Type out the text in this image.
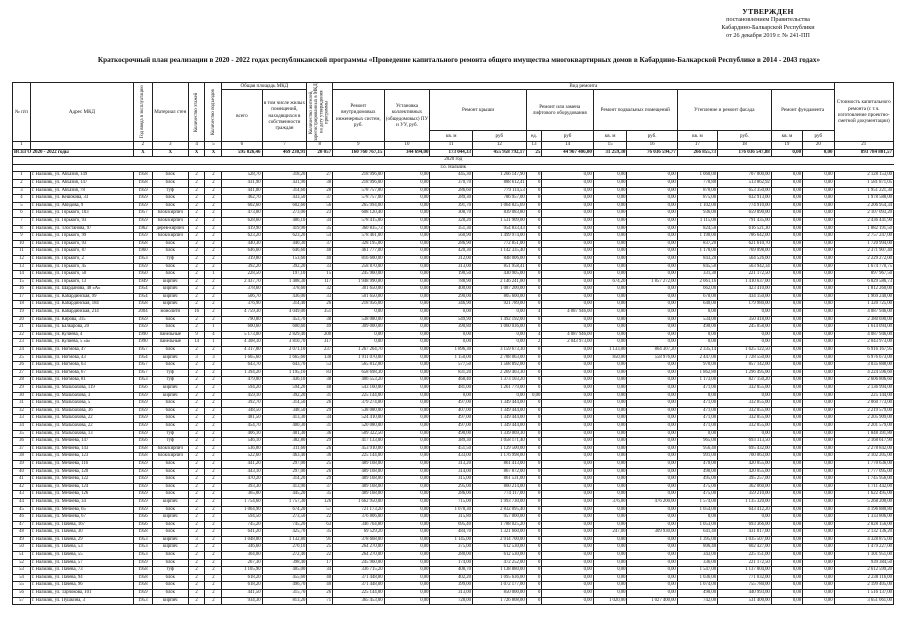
УТВЕРЖДЕН
постановлением Правительства
Кабардино-Балкарской Республики
от 26 декабря 2019 г. № 241-ПП
Краткосрочный план реализации в 2020 - 2022 годах республиканской программы «Проведение капитального ремонта общего имущества многоквартирных домов в Кабардино-Балкарской Республике в 2014 - 2043 годах»
№ п/п	Адрес МКД	Год ввода в эксплуатацию	Материал стен	Количество этажей	Количество подъездов	Общая площадь МКД		Количество жителей, зарегистрированных в МКД на дату утверждения программы	Вид ремонта												Стоимость капитального ремонта (с т.ч. изготовление проектно-сметной документации)
						всего	в том числе жилых помещений, находящихся в собственности граждан		Ремонт внутридомовых инженерных систем, руб.	Установка коллективных (общедомовых) ПУ и УУ, руб.	Ремонт крыши		Ремонт или замена лифтового оборудования		Ремонт подвальных помещений		Утепление и ремонт фасада		Ремонт фундамента		
											кв. м	руб	ед.	руб	кв. м	руб.	кв. м	руб.	кв. м	руб	
1		2	3	4	5	6	7	8	9	10	11	12	13	14	15	16	17	18	19	20	21
ВСЕГО 2020 - 2022 годы		X	X	X	X	595 026,46	469 230,91	20 057	160 760 767,15	344 694,00	173 044,33	455 958 792,17	25	44 967 406,00	31 259,30	76 036 594,77	266 855,73	176 036 547,88	0,00	0,00	893 784 801,57
2020 год																					
г.о. Нальчик																					
1	г. Нальчик, ул. Абхазия, 149	1958	блок	2	2	528,70	318,20	27	218 996,00	0,00	445,30	1 266 147,90	0	0,00	0,00	0,00	1 060,00	707 000,00	0,00	0,00	2 128 153,00
2	г. Нальчик, ул. Абхазия, 147	1958	блок	2	2	431,90	431,90	38	218 996,00	0,00	370,70	888 612,41	0	0,00	0,00	0,00	778,80	513 862,92	0,00	0,00	1 581 871,05
3	г. Нальчик, ул. Абхазия, 78	1959	туф	2	2	441,00	314,60	28	578 757,00	0,00	286,60	779 114,53	0	0,00	0,00	0,00	870,00	653 350,00	0,00	0,00	1 951 221,30
4	г. Нальчик, ул. Кешокова, 33	1959	блок	2	2	462,70	433,50	37	578 757,00	0,00	289,30	786 957,00	0	0,00	0,00	0,00	875,00	632 913,00	0,00	0,00	1 978 588,00
5	г. Нальчик, ул. Абидова, 9	1959	блок	2	2	602,60	602,60	56	265 994,00	0,00	391,70	1 064 825,69	0	0,00	0,00	0,00	1 102,00	774 910,00	0,00	0,00	2 206 954,34
6	г. Нальчик, ул. Горького, 103	1957	блок/кирпич	2	2	473,00	273,00	23	608 120,40	0,00	308,70	839 083,80	0	0,00	0,00	0,00	936,00	659 890,00	0,00	0,00	2 107 093,20
7	г. Нальчик, ул. Горького, 93	1959	блок/кирпич	2	2	628,60	406,10	34	578 415,00	0,00	328,20	1 531 909,00	0	0,00	0,00	0,00	1 115,00	791 435,00	0,00	0,00	2 436 441,90
8	г. Нальчик, ул. Тлостанова, 97	1962	дерев-кирпич	2	2	419,90	419,90	35	360 835,73	0,00	351,30	954 833,43	0	0,00	0,00	0,00	824,50	616 521,30	0,00	0,00	1 882 191,50
9	г. Нальчик, ул. Горького, 99	1959	блок/кирпич	2	2	623,20	623,20	54	578 461,00	0,00	560,90	1 499 974,00	0	0,00	0,00	0,00	1 190,00	786 642,00	0,00	0,00	2 757 247,00
10	г. Нальчик, ул. Горького, 93	1958	блок	2	2	440,30	440,30	37	328 195,00	0,00	286,90	772 851,00	0	0,00	0,00	0,00	837,20	621 610,70	0,00	0,00	1 720 994,00
11	г. Нальчик, ул. Горького, 87	1960	блок	2	2	646,60	646,60	48	461 777,00	0,00	420,30	1 142 335,40	0	0,00	0,00	0,00	1 178,00	769 098,00	0,00	0,00	2 371 907,40
12	г. Нальчик, ул. Горького, 2	1953	туф	2	2	319,80	153,60	40	816 600,00	0,00	312,00	848 006,00	0	0,00	0,00	0,00	843,20	564 526,00	0,00	0,00	2 229 272,00
13	г. Нальчик, ул. Горького, 45	1959	блок	2	2	392,20	392,20	33	258 870,00	0,00	313,00	851 958,41	0	0,00	0,00	0,00	845,50	563 942,34	0,00	0,00	1 674 770,75
14	г. Нальчик, ул. Горького, 50	1950	блок	2	1	228,50	197,10	15	245 960,00	0,00	190,50	430 905,00	0	0,00	0,00	0,00	331,30	221 172,50	0,00	0,00	897 967,50
15	г. Нальчик, ул. Горького, 13	1949	кирпич	2	2	2 437,70	1 408,30	117	1 948 990,00	0,00	788,90	2 146 241,00	0	0,00	674,20	1 857 272,00	2 061,16	1 410 637,00	0,00	0,00	6 829 586,73
16	г. Нальчик, ул. Шарданова, 48 «А»	1954	кирпич	2	2	378,60	378,60	32	301 650,00	0,00	400,00	1 087 200,00	0	0,00	0,00	0,00	662,00	423 410,00	0,00	0,00	1 812 260,00
17	г. Нальчик, ул. Кабардинская, 99	1954	кирпич	2	2	506,70	436,00	33	501 650,00	0,00	290,00	805 600,00	0	0,00	0,00	0,00	670,00	434 150,00	0,00	0,00	1 969 240,00
18	г. Нальчик, ул. Кабардинская, 184	1958	кирпич	2	2	376,90	314,40	26	218 956,00	0,00	346,90	921 789,00	0	0,00	0,00	0,00	640,00	179 980,00	0,00	0,00	1 320 725,00
19	г. Нальчик, ул. Кабардинская, 214	2004	монолитн	16	2	4 759,30	4 049,00	351	0,00	0,00	0,00	0,00	4	4 087 946,00	0,00	0,00	0,00	0,00	0,00	0,00	4 087 946,00
20	г. Нальчик, ул. Кирова, 315	1959	блок	2	2	790,80	453,70	38	538 080,00	0,00	549,90	1 492 192,00	0	0,00	0,00	0,00	534,00	350 418,00	0,00	0,00	2 380 690,00
21	г. Нальчик, ул. Балкарова, 20	1959	блок	2	1	600,60	600,60	49	309 000,00	0,00	390,80	1 060 036,00	0	0,00	0,00	0,00	490,00	245 058,00	0,00	0,00	1 614 094,00
22	г. Нальчик, ул. Кулиева, 4	1990	панельные	9	4	5 173,00	2 829,40	200	0,00	0,00	0,00	0,00	4	4 087 946,00	0,00	0,00	0,00	0,00	0,00	0,00	4 087 946,00
23	г. Нальчик, ул. Кулиева, 5 «а»	1990	панельные	14	1	4 308,10	3 810,70	317	0,00	0,00	0,00	0,00	2	2 043 973,00	0,00	0,00	0,00	0,00	0,00	0,00	2 043 973,00
24	г. Нальчик, ул. Ногмова, 47	1957	блок	2	2	4 317,00	3 071,10	237	1 267 264,70	0,00	1 896,30	3 159 673,30	0	0,00	1 133,00	864 307,20	2 335,14	1 625 122,50	0,00	0,00	6 916 167,95
25	г. Нальчик, ул. Ногмова, 43	1954	кирпич	3	3	1 665,60	1 665,60	138	1 911 070,00	0,00	1 150,00	2 788 063,00	0	0,00	850,00	558 976,00	2 447,00	1 728 550,00	0,00	0,00	6 976 673,00
26	г. Нальчик, ул. Ногмова, 63	1957	блок	2	2	643,70	643,70	53	565 812,00	0,00	577,50	1 568 892,00	0	0,00	0,00	0,00	970,00	857 142,00	0,00	0,00	3 035 888,00
27	г. Нальчик, ул. Ногмова, 67	1957	туф	2	2	1 394,20	1 195,10	83	658 698,30	0,00	831,20	2 269 403,30	0	0,00	0,00	0,00	1 862,80	1 296 495,00	0,00	0,00	4 224 596,60
28	г. Нальчик, ул. Ногмова, 81	1953	туф	2	2	479,00	436,10	38	406 553,20	0,00	468,40	1 373 103,20	0	0,00	0,00	0,00	1 173,00	827 150,20	0,00	0,00	2 606 806,60
29	г. Нальчик, ул. Мальбахова, 119	1956	кирпич	2	2	594,20	594,20	48	543 160,00	0,00	481,00	1 261 779,00	0	0,00	0,00	0,00	471,00	332 055,00	0,00	0,00	2 136 994,00
30	г. Нальчик, ул. Мальбахова, 3	1959	кирпич	2	2	459,10	392,20	31	225 144,00	0,00	0,00	0,00	0,00	0,00	0,00	0,00	0,00	0,00	0,00	0,00	225 144,00
31	г. Нальчик, ул. Мальбахова, 5	1959	блок	2	2	392,70	314,50	26	379 274,00	0,00	497,00	1 349 444,00	0	0,00	0,00	0,00	471,00	332 055,00	0,00	0,00	2 060 773,00
32	г. Нальчик, ул. Мальбахова, 36	1959	блок	2	2	348,50	348,50	29	538 080,00	0,00	407,00	1 349 444,00	0	0,00	0,00	0,00	471,00	332 055,00	0,00	0,00	2 219 579,00
33	г. Нальчик, ул. Мальбахова, 22	1959	блок	2	2	481,50	413,30	34	524 410,00	0,00	497,00	1 349 444,00	0	0,00	0,00	0,00	471,00	332 055,00	0,00	0,00	2 205 909,00
34	г. Нальчик, ул. Мальбахова, 22	1959	блок	2	2	454,70	400,30	31	520 080,00	0,00	497,00	1 349 444,00	0	0,00	0,00	0,00	471,00	332 055,00	0,00	0,00	2 201 579,00
35	г. Нальчик, ул. Мальбахова, 13	1959	туф	2	2	406,10	401,30	36	509 322,50	0,00	490,00	1 339 069,30	0	0,00	0,00	0,00	0,00	0,00	0,00	0,00	1 848 391,80
36	г. Нальчик, ул. Мечиева, 147	1956	туф	2	2	546,10	382,80	29	417 133,00	0,00	389,30	1 058 171,40	0	0,00	0,00	0,00	965,00	693 313,50	0,00	0,00	2 168 617,90
37	г. Нальчик, ул. Мечиева, 143	1958	блок/кирпич	2	2	536,00	311,60	26	453 910,00	0,00	451,50	1 129 500,00	0	0,00	0,00	0,00	956,40	695 432,00	0,00	0,00	2 278 842,00
38	г. Нальчик, ул. Мечиева, 123	1958	блок/кирпич	2	2	522,60	463,40	36	225 144,00	0,00	433,00	1 176 998,00	0	0,00	0,00	0,00	991,00	700 063,00	0,00	0,00	2 102 205,00
39	г. Нальчик, ул. Мечиева, 116	1959	блок	2	2	441,20	297,00	25	489 168,00	0,00	313,20	861 413,00	0	0,00	0,00	0,00	470,00	420 055,00	0,00	0,00	1 770 636,00
40	г. Нальчик, ул. Мечиева, 120	1959	блок	2	2	443,10	297,00	26	489 168,00	0,00	314,00	867 872,00	0	0,00	0,00	0,00	490,00	420 055,00	0,00	0,00	1 777 095,00
41	г. Нальчик, ул. Мечиева, 122	1959	блок	2	2	470,20	314,20	29	489 168,00	0,00	315,00	861 531,00	0	0,00	0,00	0,00	495,00	395 257,00	0,00	0,00	1 745 956,00
42	г. Нальчик, ул. Мечиева, 124	1959	блок	2	2	393,30	413,90	37	489 168,00	0,00	295,00	860 214,00	0	0,00	0,00	0,00	475,00	362 060,00	0,00	0,00	1 711 442,00
43	г. Нальчик, ул. Мечиева, 126	1959	блок	2	2	365,00	445,20	35	489 168,00	0,00	286,00	774 117,00	0	0,00	0,00	0,00	475,00	359 210,00	0,00	0,00	1 622 495,00
44	г. Нальчик, ул. Мечиева, 34	1959	кирпич	2	2	1 754,60	1 757,30	126	1 662 950,00	0,00	715,00	1 993 730,00	0	0,00	376,00	476 200,00	1 574,00	1 135 320,00	0,00	0,00	5 268 200,00
45	г. Нальчик, ул. Мечиева, 65	1959	блок	2	2	1 064,90	674,20	57	721 173,20	0,00	1 078,30	2 832 095,40	0	0,00	0,00	0,00	1 054,00	643 412,20	0,00	0,00	4 196 880,80
46	г. Нальчик, ул. Мечиева, 67	1956	кирпич	2	2	594,50	273,50	22	376 806,00	0,00	315,80	957 000,00	0	0,00	0,00	0,00	0,00	0,00	0,00	0,00	1 333 806,00
47	г. Нальчик, ул. Пачева, 167	1956	блок	2	2	745,20	745,20	63	346 764,80	0,00	695,40	1 788 025,20	0	0,00	0,00	0,00	1 053,00	693 366,00	0,00	0,00	2 828 156,00
48	г. Нальчик, ул. Пачева, 30	1958	блок	2	2	641,20	425,70	35	69 529,20	0,00	484,70	1 321 660,00	0	0,00	247,00	309 930,00	641,40	431 017,00	0,00	0,00	2 132 136,20
49	г. Нальчик, ул. Пачева, 29	1953	кирпич	3	2	1 048,00	1 132,80	91	378 668,00	0,00	1 145,00	2 914 700,00	0	0,00	0,00	0,00	1 395,00	1 035 507,00	0,00	0,00	4 328 875,00
50	г. Нальчик, ул. Пачева, 53	1953	кирпич	2	2	346,60	270,10	25	264 270,00	0,00	375,00	612 530,00	0	0,00	0,00	0,00	806,40	602 427,00	0,00	0,00	1 479 227,00
51	г. Нальчик, ул. Пачева, 55	1953	блок	2	2	304,00	272,40	22	264 270,00	0,00	280,00	612 530,00	0	0,00	0,00	0,00	343,00	225 151,00	0,00	0,00	1 101 951,00
52	г. Нальчик, ул. Пачева, 57	1959	блок	2	2	267,30	398,40	17	245 960,00	0,00	174,00	472 252,00	0	0,00	0,00	0,00	336,00	221 172,50	0,00	0,00	939 384,50
53	г. Нальчик, ул. Пачева, 73	1958	туф	2	2	1 105,90	405,00	34	336 715,20	0,00	408,70	1 138 880,00	0	0,00	0,00	0,00	1 547,00	1 137 004,00	0,00	0,00	2 612 599,20
54	г. Нальчик, ул. Пачева, 94	1958	блок	2	2	618,20	455,60	40	371 448,00	0,00	402,20	1 095 636,00	0	0,00	0,00	0,00	1 036,00	771 032,00	0,00	0,00	2 238 116,00
55	г. Нальчик, ул. Пачева, 96	1958	блок	2	2	618,20	496,70	40	371 448,00	0,00	399,00	1 072 177,00	0	0,00	0,00	0,00	1 074,00	755 780,00	0,00	0,00	2 199 405,00
56	г. Нальчик, ул. Тарчокова, 101	1959	блок	2	2	441,50	315,70	26	225 144,00	0,00	313,00	850 000,00	0	0,00	0,00	0,00	490,00	440 993,00	0,00	0,00	1 516 137,00
57	г. Нальчик, ул. Пушкина, 3	1953	кирпич	2	2	934,30	813,20	71	365 453,00	0,00	728,00	1 726 808,00	0	0,00	1 020,00	1 027 400,00	742,00	531 400,00	0,00	0,00	3 651 061,00
